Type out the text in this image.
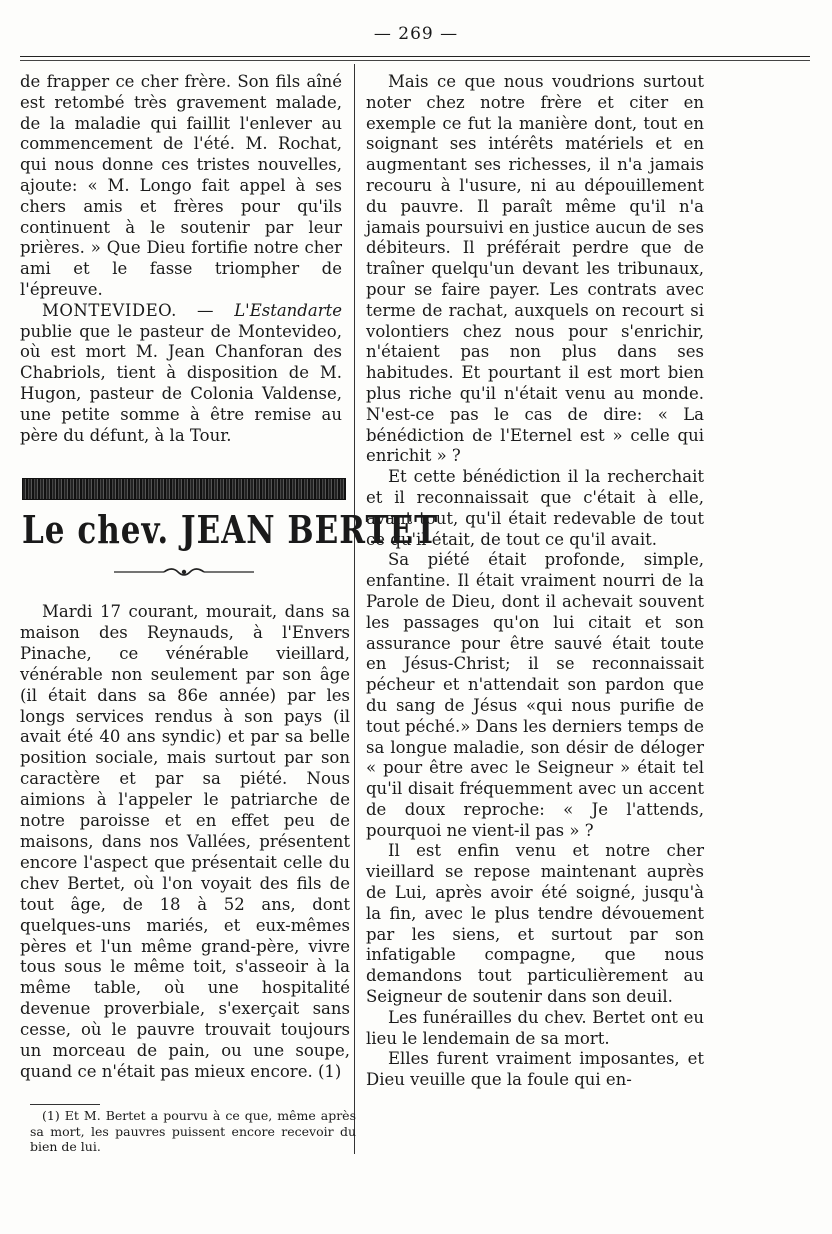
— 269 —

de frapper ce cher frère. Son fils aîné est retombé très gravement malade, de la maladie qui faillit l'enlever au commencement de l'été. M. Rochat, qui nous donne ces tristes nouvelles, ajoute: « M. Longo fait appel à ses chers amis et frères pour qu'ils continuent à le soutenir par leur prières. » Que Dieu fortifie notre cher ami et le fasse triompher de l'épreuve.

MONTEVIDEO. — L'Estandarte publie que le pasteur de Montevideo, où est mort M. Jean Chanforan des Chabriols, tient à disposition de M. Hugon, pasteur de Colonia Valdense, une petite somme à être remise au père du défunt, à la Tour.

Le chev. JEAN BERTET

Mardi 17 courant, mourait, dans sa maison des Reynauds, à l'Envers Pinache, ce vénérable vieillard, vénérable non seulement par son âge (il était dans sa 86e année) par les longs services rendus à son pays (il avait été 40 ans syndic) et par sa belle position sociale, mais surtout par son caractère et par sa piété. Nous aimions à l'appeler le patriarche de notre paroisse et en effet peu de maisons, dans nos Vallées, présentent encore l'aspect que présentait celle du chev Bertet, où l'on voyait des fils de tout âge, de 18 à 52 ans, dont quelques-uns mariés, et eux-mêmes pères et l'un même grand-père, vivre tous sous le même toit, s'asseoir à la même table, où une hospitalité devenue proverbiale, s'exerçait sans cesse, où le pauvre trouvait toujours un morceau de pain, ou une soupe, quand ce n'était pas mieux encore. (1)

(1) Et M. Bertet a pourvu à ce que, même après sa mort, les pauvres puissent encore recevoir du bien de lui.

Mais ce que nous voudrions surtout noter chez notre frère et citer en exemple ce fut la manière dont, tout en soignant ses intérêts matériels et en augmentant ses richesses, il n'a jamais recouru à l'usure, ni au dépouillement du pauvre. Il paraît même qu'il n'a jamais poursuivi en justice aucun de ses débiteurs. Il préférait perdre que de traîner quelqu'un devant les tribunaux, pour se faire payer. Les contrats avec terme de rachat, auxquels on recourt si volontiers chez nous pour s'enrichir, n'étaient pas non plus dans ses habitudes. Et pourtant il est mort bien plus riche qu'il n'était venu au monde. N'est-ce pas le cas de dire: « La bénédiction de l'Eternel est » celle qui enrichit » ?

Et cette bénédiction il la recherchait et il reconnaissait que c'était à elle, avant tout, qu'il était redevable de tout ce qu'il était, de tout ce qu'il avait.

Sa piété était profonde, simple, enfantine. Il était vraiment nourri de la Parole de Dieu, dont il achevait souvent les passages qu'on lui citait et son assurance pour être sauvé était toute en Jésus-Christ; il se reconnaissait pécheur et n'attendait son pardon que du sang de Jésus «qui nous purifie de tout péché.» Dans les derniers temps de sa longue maladie, son désir de déloger « pour être avec le Seigneur » était tel qu'il disait fréquemment avec un accent de doux reproche: « Je l'attends, pourquoi ne vient-il pas » ?

Il est enfin venu et notre cher vieillard se repose maintenant auprès de Lui, après avoir été soigné, jusqu'à la fin, avec le plus tendre dévouement par les siens, et surtout par son infatigable compagne, que nous demandons tout particulièrement au Seigneur de soutenir dans son deuil.

Les funérailles du chev. Bertet ont eu lieu le lendemain de sa mort.

Elles furent vraiment imposantes, et Dieu veuille que la foule qui en-
